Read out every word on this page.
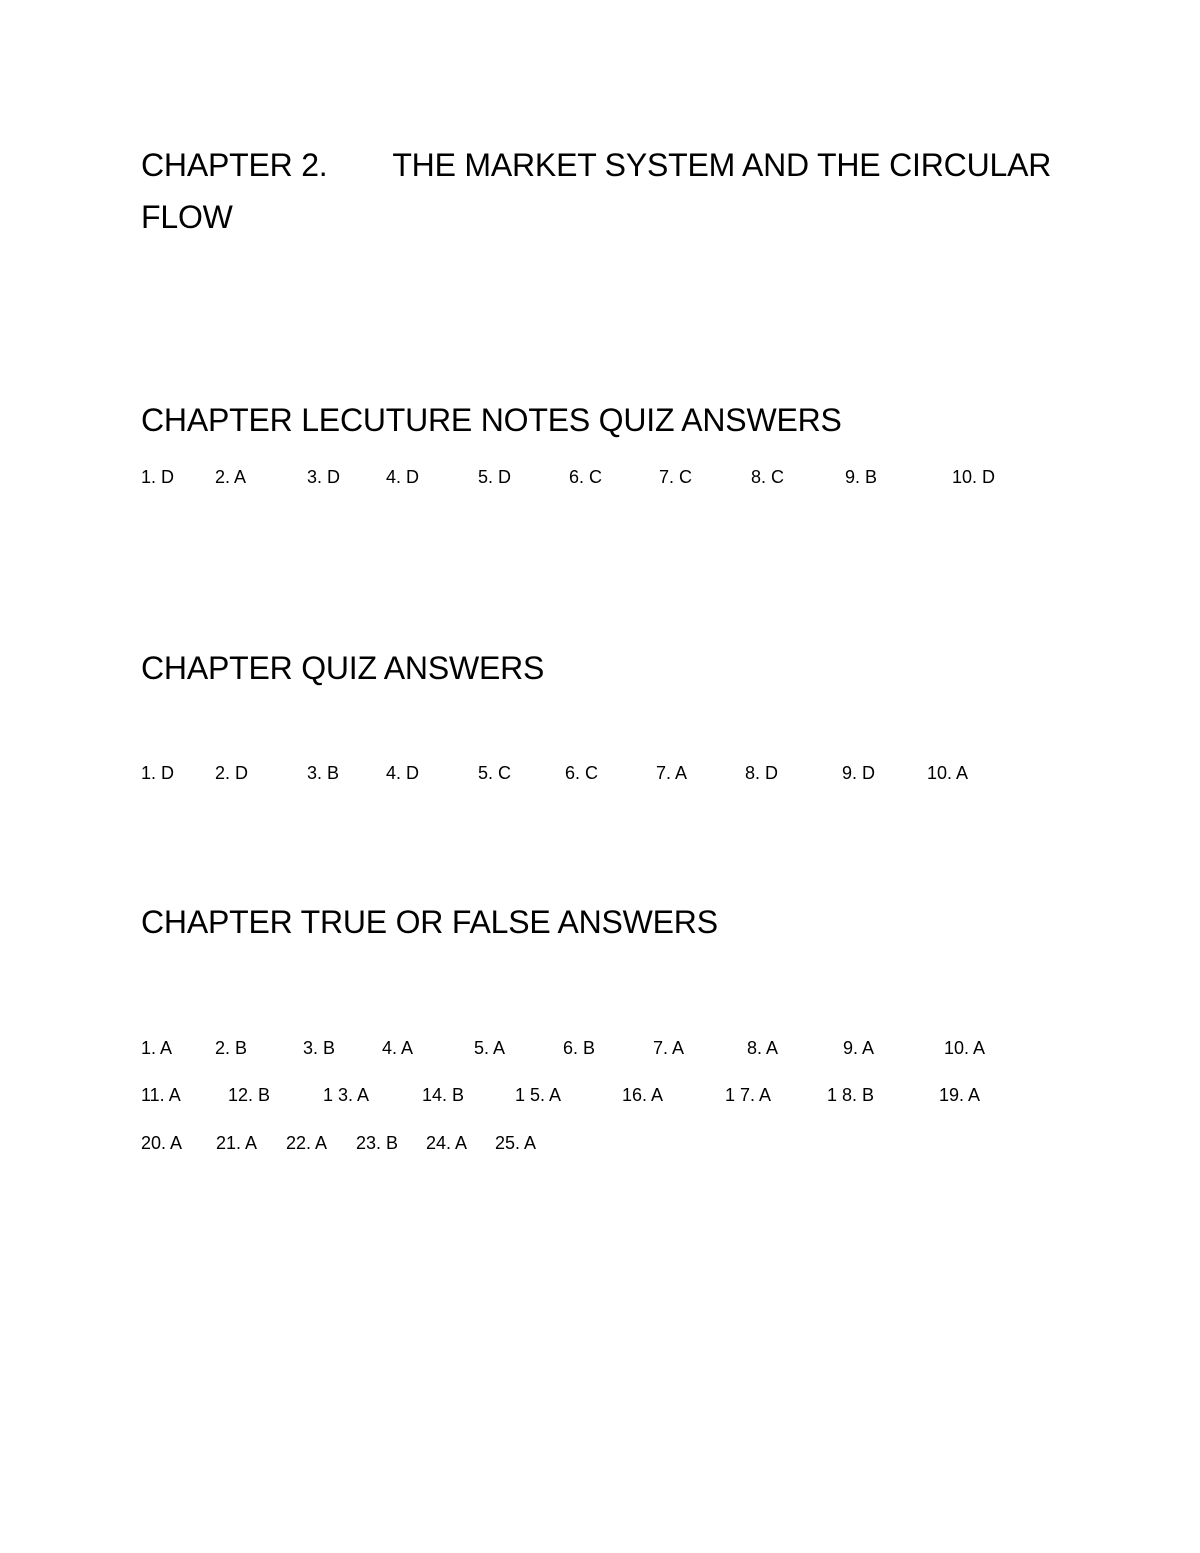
CHAPTER 2. THE MARKET SYSTEM AND THE CIRCULAR
FLOW
CHAPTER LECUTURE NOTES QUIZ ANSWERS
1. D 2. A	3. D	4. D	5. D	6. C	7. C	8. C	9. B	10. D
CHAPTER QUIZ ANSWERS
1. D 2. D	3. B	4. D	5. C	6. C	7. A	8. D	9. D	10. A
CHAPTER TRUE OR FALSE ANSWERS
1. A 2. B	3. B	4. A	5. A	6. B	7. A	8. A	9. A	10. A
11. A	12. B	1 3. A	14. B	1 5. A	16. A	1 7. A	1 8. B	19. A
20. A 21. A 22. A 23. B 24. A 25. A
